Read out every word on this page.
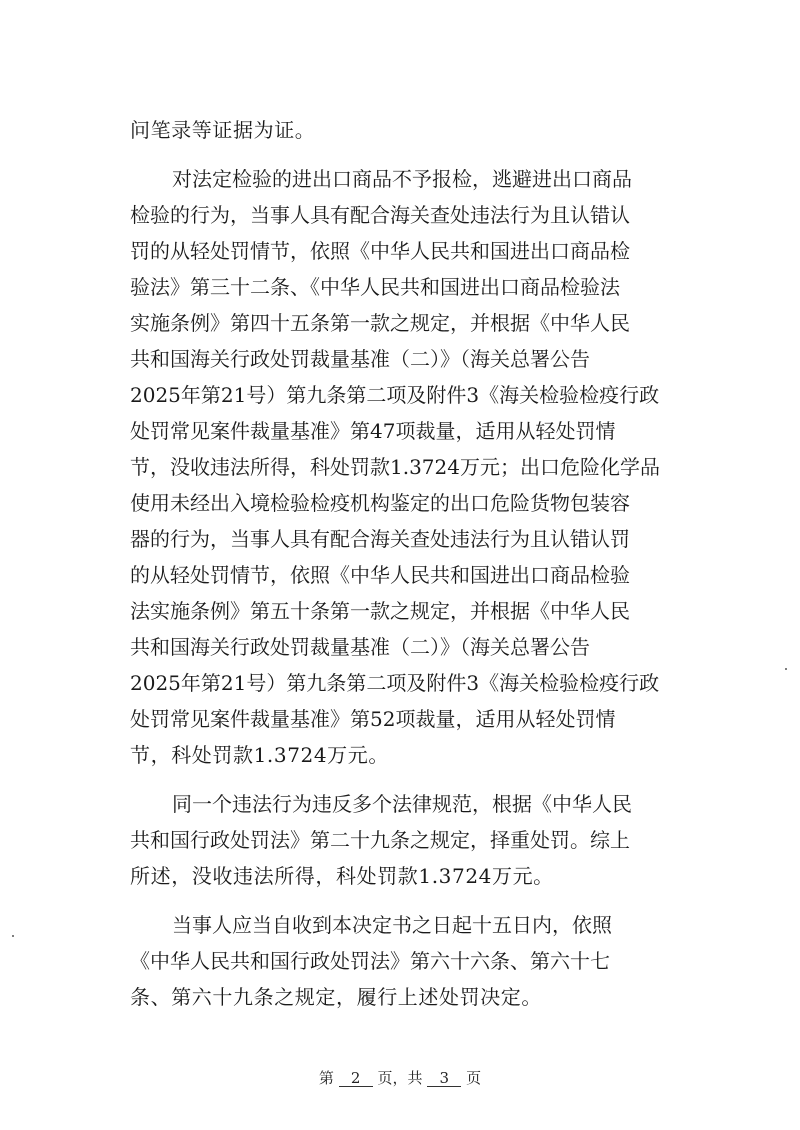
问笔录等证据为证。
对法定检验的进出口商品不予报检，逃避进出口商品
检验的行为，当事人具有配合海关查处违法行为且认错认
罚的从轻处罚情节，依照《中华人民共和国进出口商品检
验法》第三十二条、《中华人民共和国进出口商品检验法
实施条例》第四十五条第一款之规定，并根据《中华人民
共和国海关行政处罚裁量基准（二）》（海关总署公告
2025年第21号）第九条第二项及附件3《海关检验检疫行政
处罚常见案件裁量基准》第47项裁量，适用从轻处罚情
节，没收违法所得，科处罚款1.3724万元；出口危险化学品
使用未经出入境检验检疫机构鉴定的出口危险货物包装容
器的行为，当事人具有配合海关查处违法行为且认错认罚
的从轻处罚情节，依照《中华人民共和国进出口商品检验
法实施条例》第五十条第一款之规定，并根据《中华人民
共和国海关行政处罚裁量基准（二）》（海关总署公告
2025年第21号）第九条第二项及附件3《海关检验检疫行政
处罚常见案件裁量基准》第52项裁量，适用从轻处罚情
节，科处罚款1.3724万元。
同一个违法行为违反多个法律规范，根据《中华人民
共和国行政处罚法》第二十九条之规定，择重处罚。综上
所述，没收违法所得，科处罚款1.3724万元。
当事人应当自收到本决定书之日起十五日内，依照
《中华人民共和国行政处罚法》第六十六条、第六十七
条、第六十九条之规定，履行上述处罚决定。
第 2 页，共 3 页
